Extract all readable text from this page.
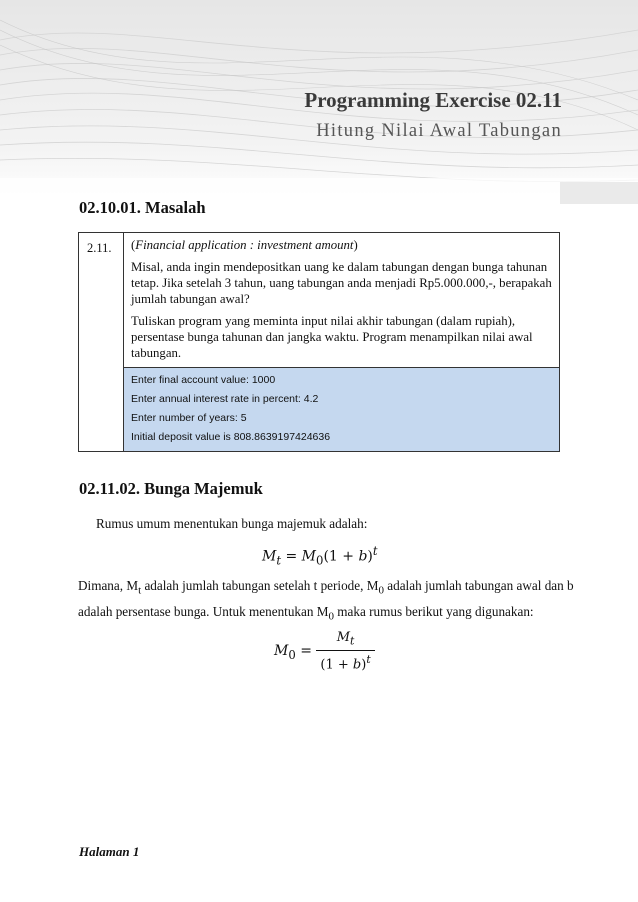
Programming Exercise 02.11
Hitung Nilai Awal Tabungan
02.10.01. Masalah
2.11.	(Financial application : investment amount)

Misal, anda ingin mendepositkan uang ke dalam tabungan dengan bunga tahunan tetap. Jika setelah 3 tahun, uang tabungan anda menjadi Rp5.000.000,-, berapakah jumlah tabungan awal?

Tuliskan program yang meminta input nilai akhir tabungan (dalam rupiah), persentase bunga tahunan dan jangka waktu. Program menampilkan nilai awal tabungan.

Enter final account value: 1000
Enter annual interest rate in percent: 4.2
Enter number of years: 5
Initial deposit value is 808.8639197424636
02.11.02. Bunga Majemuk
Rumus umum menentukan bunga majemuk adalah:
$M_t = M_0(1 + b)^t$
Dimana, $M_t$ adalah jumlah tabungan setelah t periode, $M_0$ adalah jumlah tabungan awal dan b
adalah persentase bunga. Untuk menentukan $M_0$ maka rumus berikut yang digunakan:
$M_0 = \frac{M_t}{(1 + b)^t}$
Halaman 1
